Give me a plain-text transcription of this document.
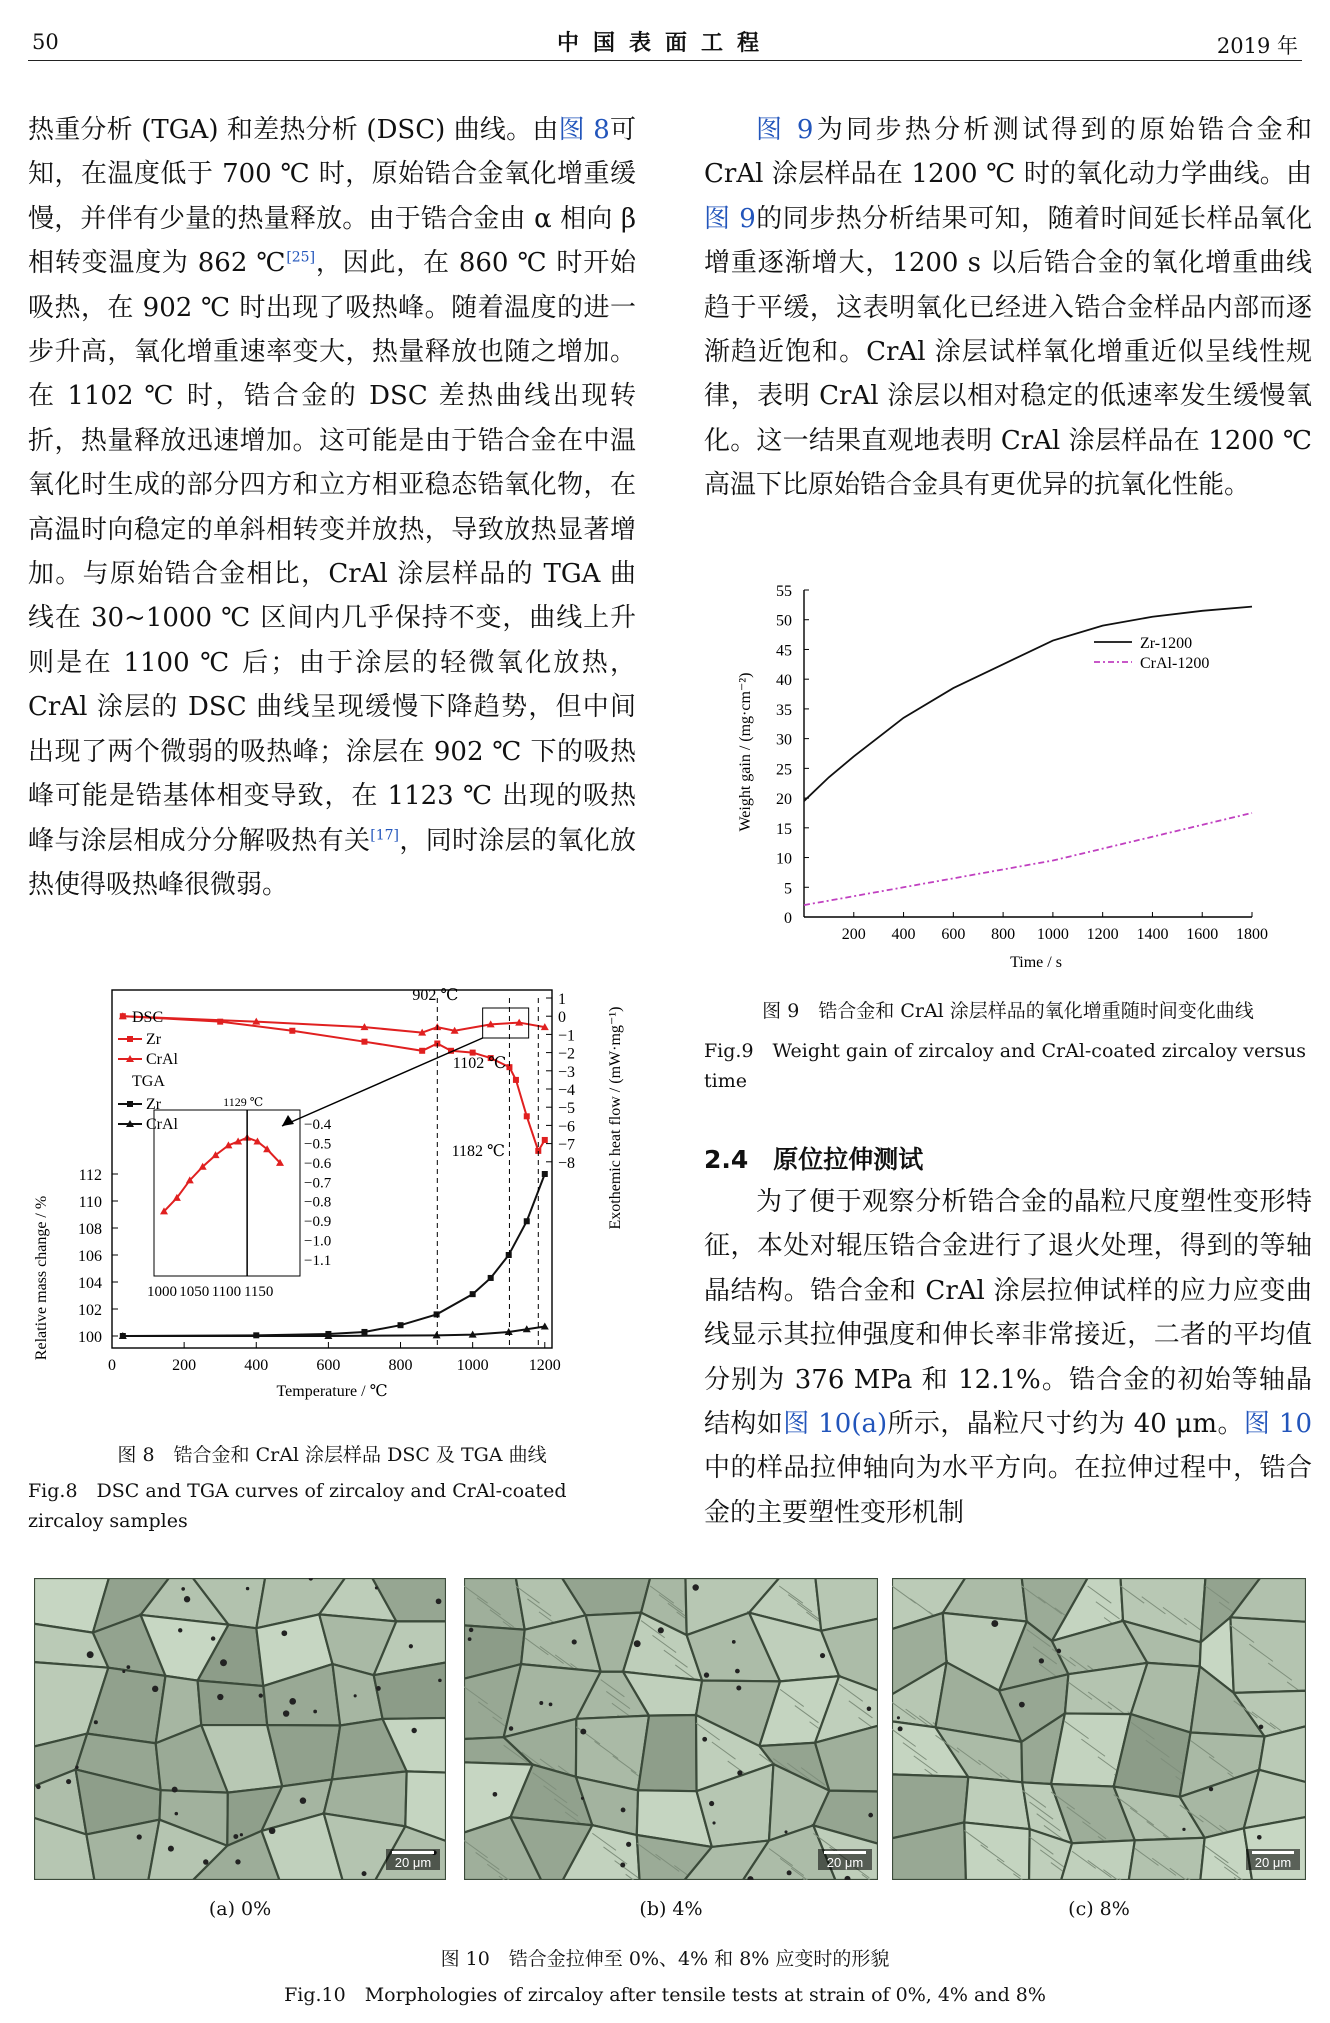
50	中国表面工程	2019 年

热重分析 (TGA) 和差热分析 (DSC) 曲线。由图 8可知，在温度低于 700 ℃ 时，原始锆合金氧化增重缓慢，并伴有少量的热量释放。由于锆合金由 α 相向 β 相转变温度为 862 ℃[25]，因此，在 860 ℃ 时开始吸热，在 902 ℃ 时出现了吸热峰。随着温度的进一步升高，氧化增重速率变大，热量释放也随之增加。在 1102 ℃ 时，锆合金的 DSC 差热曲线出现转折，热量释放迅速增加。这可能是由于锆合金在中温氧化时生成的部分四方和立方相亚稳态锆氧化物，在高温时向稳定的单斜相转变并放热，导致放热显著增加。与原始锆合金相比，CrAl 涂层样品的 TGA 曲线在 30~1000 ℃ 区间内几乎保持不变，曲线上升则是在 1100 ℃ 后；由于涂层的轻微氧化放热，CrAl 涂层的 DSC 曲线呈现缓慢下降趋势，但中间出现了两个微弱的吸热峰；涂层在 902 ℃ 下的吸热峰可能是锆基体相变导致，在 1123 ℃ 出现的吸热峰与涂层相成分分解吸热有关[17]，同时涂层的氧化放热使得吸热峰很微弱。

图 9为同步热分析测试得到的原始锆合金和 CrAl 涂层样品在 1200 ℃ 时的氧化动力学曲线。由图 9的同步热分析结果可知，随着时间延长样品氧化增重逐渐增大，1200 s 以后锆合金的氧化增重曲线趋于平缓，这表明氧化已经进入锆合金样品内部而逐渐趋近饱和。CrAl 涂层试样氧化增重近似呈线性规律，表明 CrAl 涂层以相对稳定的低速率发生缓慢氧化。这一结果直观地表明 CrAl 涂层样品在 1200 ℃ 高温下比原始锆合金具有更优异的抗氧化性能。

0	200	400	600	800	1000	1200
Temperature / ℃
100
102
104
106
108
110
112
Relative mass change / %
1
0
−1
−2
−3
−4
−5
−6
−7
−8 Exothemic heat flow / (mW·mg⁻¹)
1000 1050 1100 1150
−0.4
−0.5
−0.6
−0.7
−0.8
−0.9
−1.0
−1.1
1129 ℃
DSC
Zr
CrAl
TGA
Zr
CrAl
902 ℃
1102 ℃
1182 ℃
图 8　锆合金和 CrAl 涂层样品 DSC 及 TGA 曲线
Fig.8　DSC and TGA curves of zircaloy and CrAl-coated zircaloy samples
0
5
10
15
20
25
30
35
40
45
50
55
200 400 600 800 1000 1200 1400 1600 1800
Time / s
Weight gain / (mg·cm⁻²)
Zr-1200
CrAl-1200
图 9　锆合金和 CrAl 涂层样品的氧化增重随时间变化曲线
Fig.9　Weight gain of zircaloy and CrAl-coated zircaloy versus time
2.4　原位拉伸测试

为了便于观察分析锆合金的晶粒尺度塑性变形特征，本处对辊压锆合金进行了退火处理，得到的等轴晶结构。锆合金和 CrAl 涂层拉伸试样的应力应变曲线显示其拉伸强度和伸长率非常接近，二者的平均值分别为 376 MPa 和 12.1%。锆合金的初始等轴晶结构如图 10(a)所示，晶粒尺寸约为 40 μm。图 10中的样品拉伸轴向为水平方向。在拉伸过程中，锆合金的主要塑性变形机制

20 μm	20 μm	20 μm
(a) 0%	(b) 4%	(c) 8%
图 10　锆合金拉伸至 0%、4% 和 8% 应变时的形貌
Fig.10　Morphologies of zircaloy after tensile tests at strain of 0%, 4% and 8%
